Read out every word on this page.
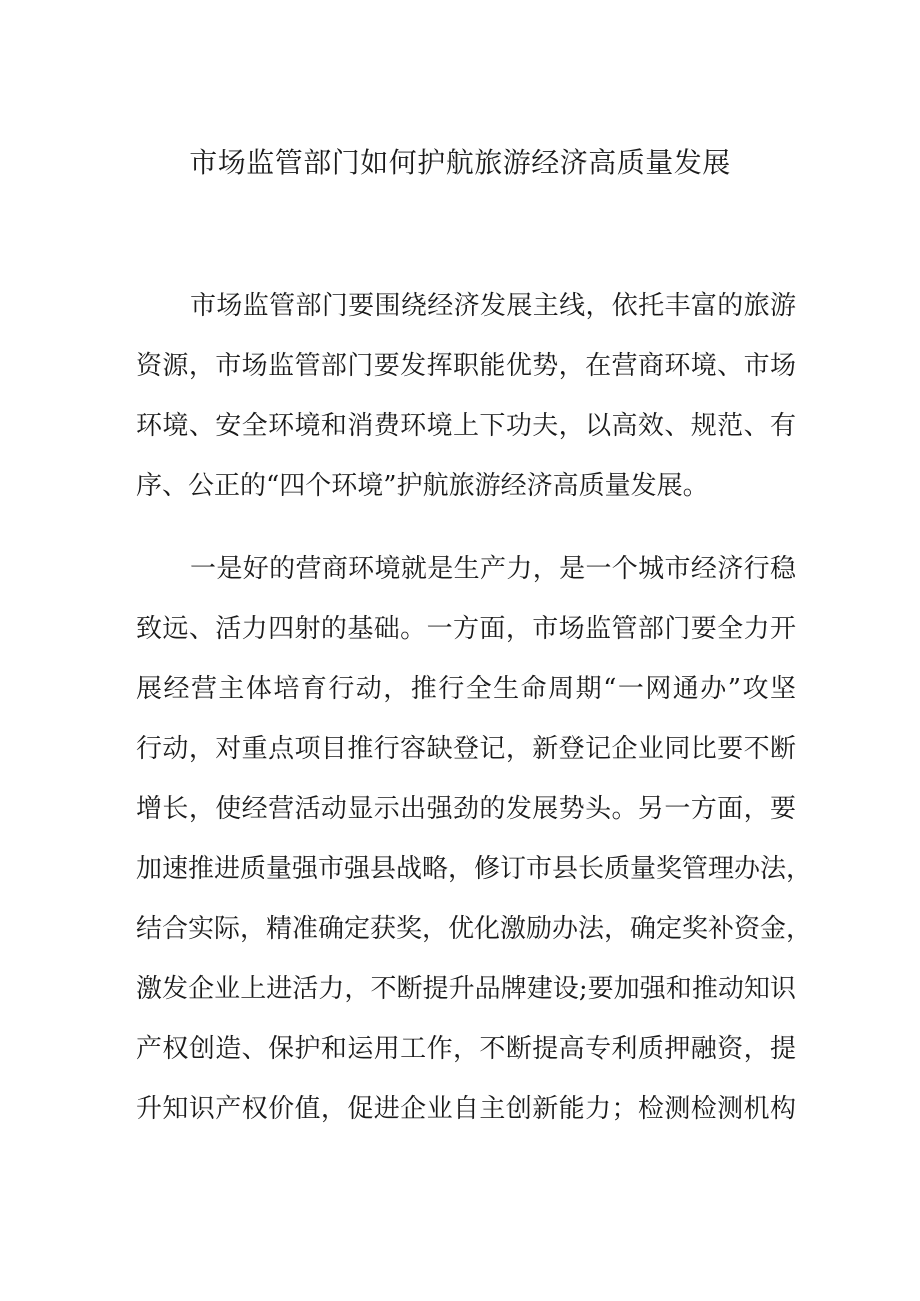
市场监管部门如何护航旅游经济高质量发展

市场监管部门要围绕经济发展主线，依托丰富的旅游

资源，市场监管部门要发挥职能优势，在营商环境、市场

环境、安全环境和消费环境上下功夫，以高效、规范、有

序、公正的“四个环境”护航旅游经济高质量发展。

一是好的营商环境就是生产力，是一个城市经济行稳

致远、活力四射的基础。一方面，市场监管部门要全力开

展经营主体培育行动，推行全生命周期“一网通办”攻坚

行动，对重点项目推行容缺登记，新登记企业同比要不断

增长，使经营活动显示出强劲的发展势头。另一方面，要

加速推进质量强市强县战略，修订市县长质量奖管理办法，

结合实际，精准确定获奖，优化激励办法，确定奖补资金，

激发企业上进活力，不断提升品牌建设;要加强和推动知识

产权创造、保护和运用工作，不断提高专利质押融资，提

升知识产权价值，促进企业自主创新能力；检测检测机构
